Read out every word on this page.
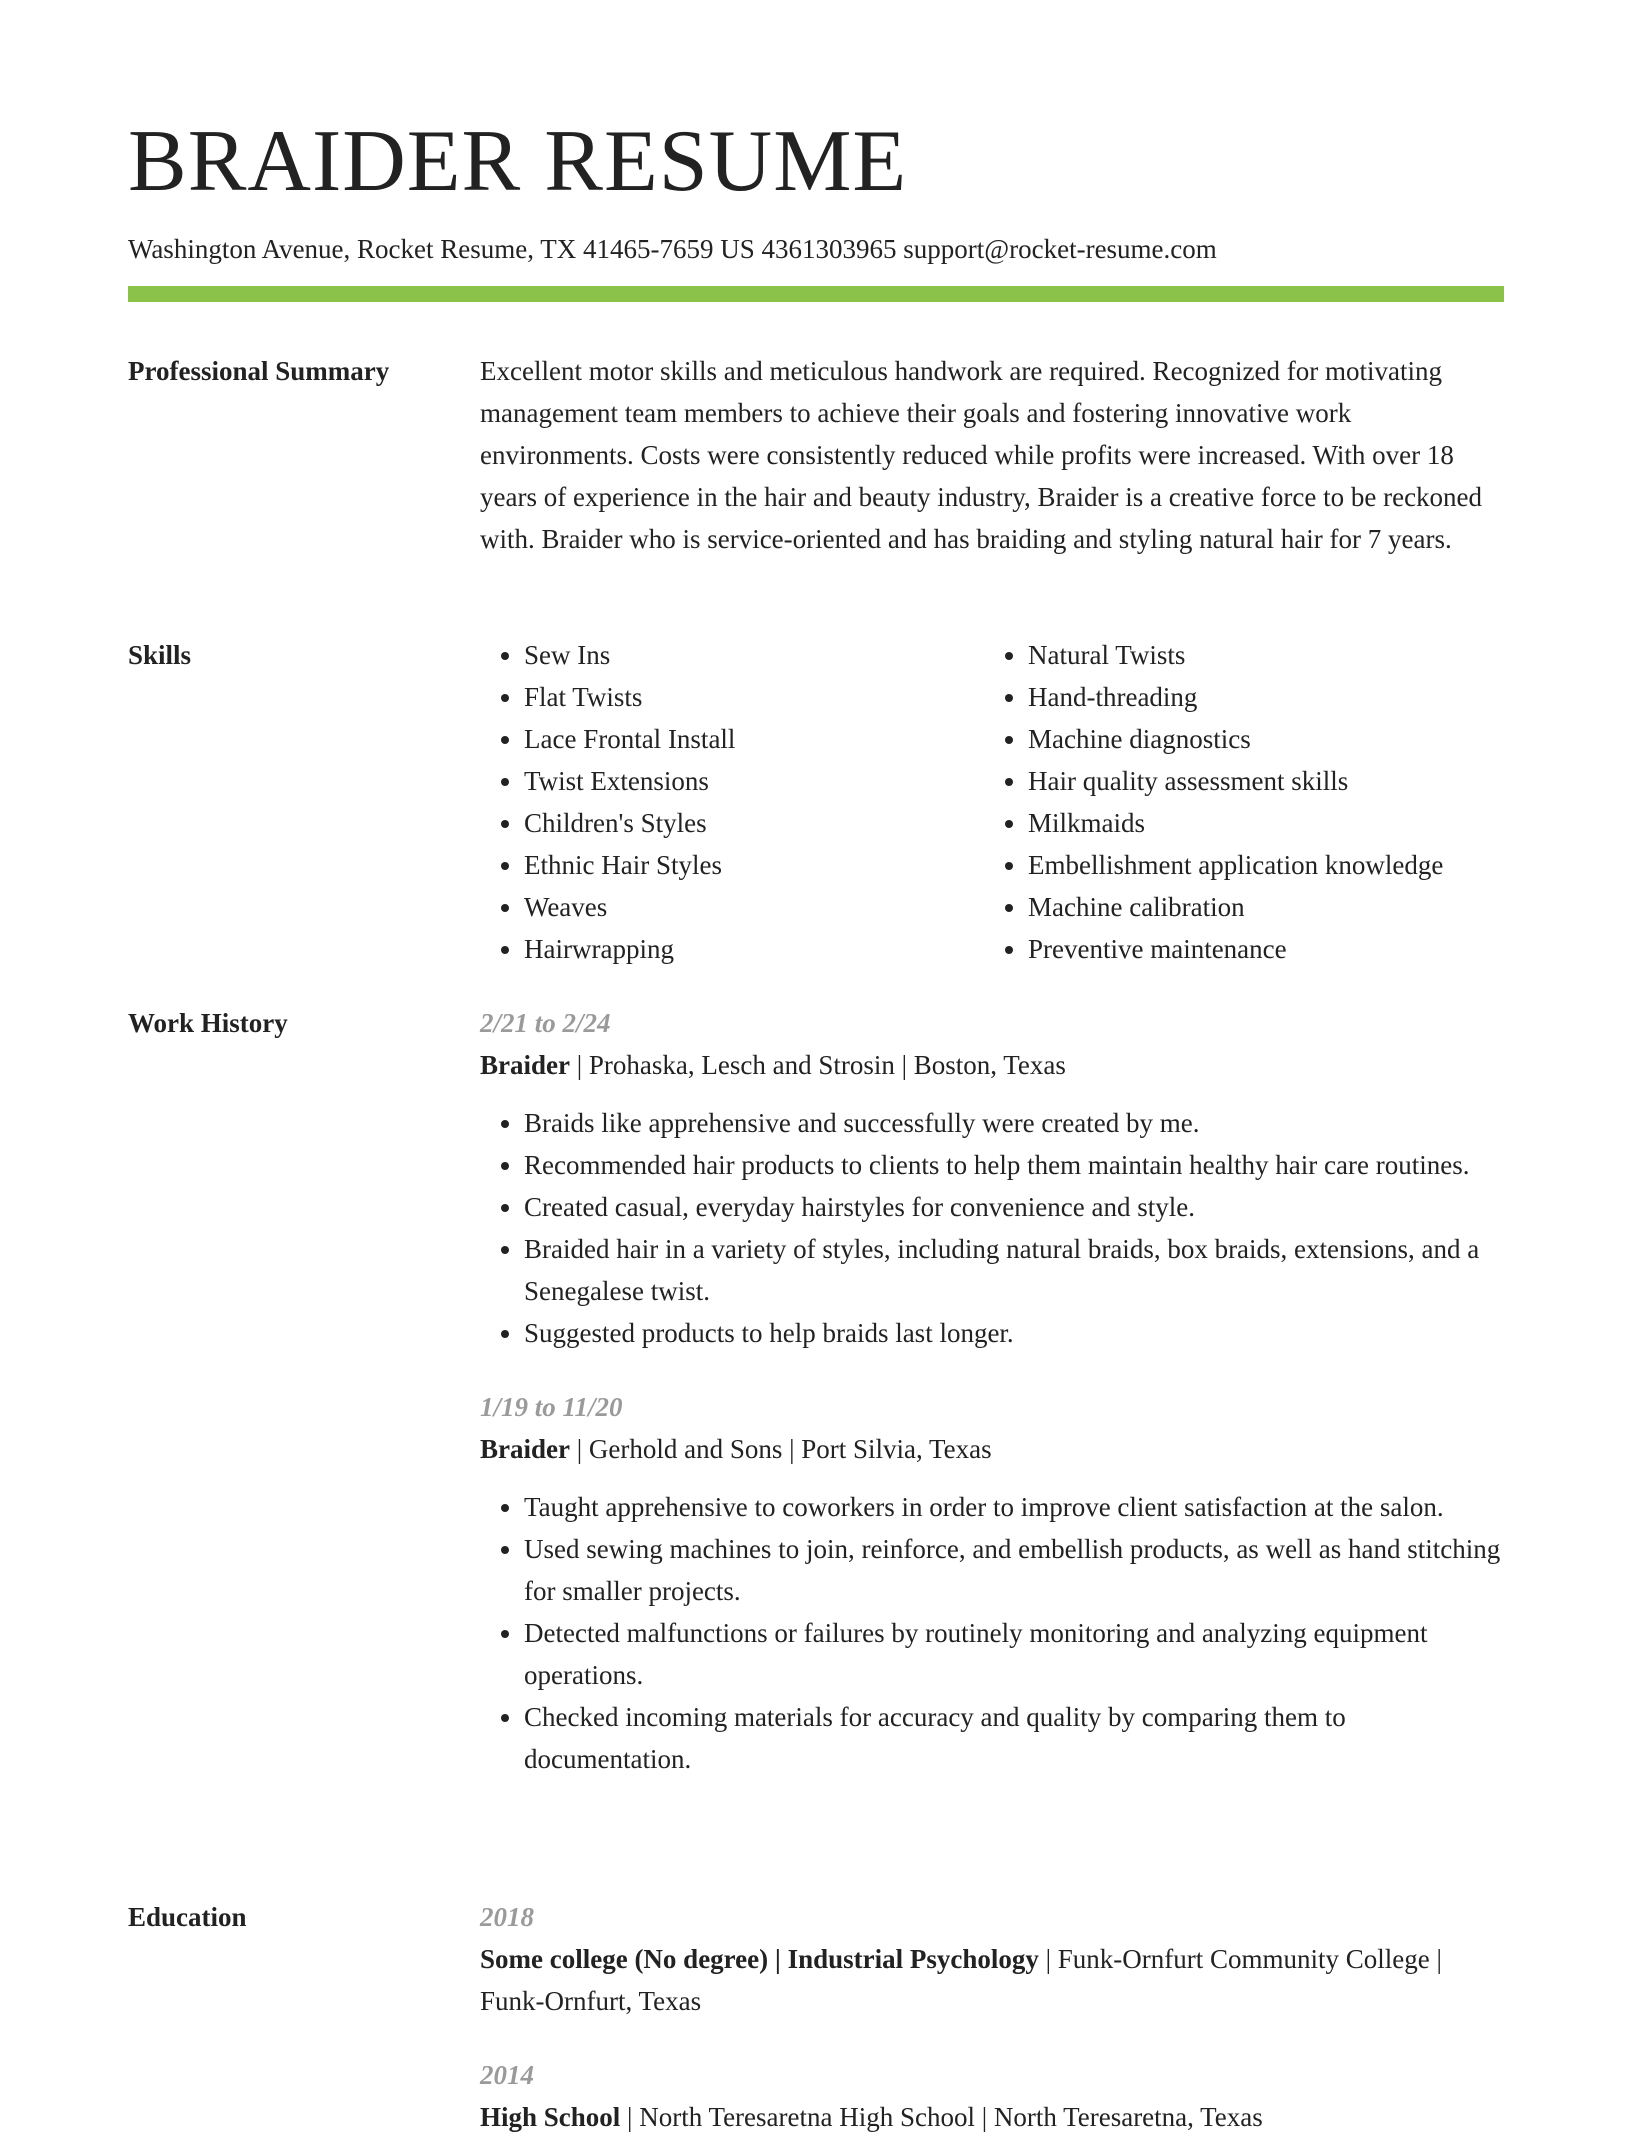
BRAIDER RESUME
Washington Avenue, Rocket Resume, TX 41465-7659 US 4361303965 support@rocket-resume.com
Professional Summary	Excellent motor skills and meticulous handwork are required. Recognized for motivating management team members to achieve their goals and fostering innovative work environments. Costs were consistently reduced while profits were increased. With over 18 years of experience in the hair and beauty industry, Braider is a creative force to be reckoned with. Braider who is service-oriented and has braiding and styling natural hair for 7 years.

Skills
•	Sew Ins
• Flat Twists
• Lace Frontal Install
• Twist Extensions
• Children's Styles
• Ethnic Hair Styles
• Weaves
• Hairwrapping
• Natural Twists
• Hand-threading
• Machine diagnostics
• Hair quality assessment skills
• Milkmaids
• Embellishment application knowledge
• Machine calibration
• Preventive maintenance
Work History	2/21 to 2/24
Braider | Prohaska, Lesch and Strosin | Boston, Texas
• Braids like apprehensive and successfully were created by me.
• Recommended hair products to clients to help them maintain healthy hair care routines.
• Created casual, everyday hairstyles for convenience and style.
• Braided hair in a variety of styles, including natural braids, box braids, extensions, and a Senegalese twist.
• Suggested products to help braids last longer.
1/19 to 11/20
Braider | Gerhold and Sons | Port Silvia, Texas
• Taught apprehensive to coworkers in order to improve client satisfaction at the salon.
• Used sewing machines to join, reinforce, and embellish products, as well as hand stitching for smaller projects.
• Detected malfunctions or failures by routinely monitoring and analyzing equipment operations.
• Checked incoming materials for accuracy and quality by comparing them to documentation.
Education	2018
Some college (No degree) | Industrial Psychology | Funk-Ornfurt Community College | Funk-Ornfurt, Texas
2014
High School | North Teresaretna High School | North Teresaretna, Texas
